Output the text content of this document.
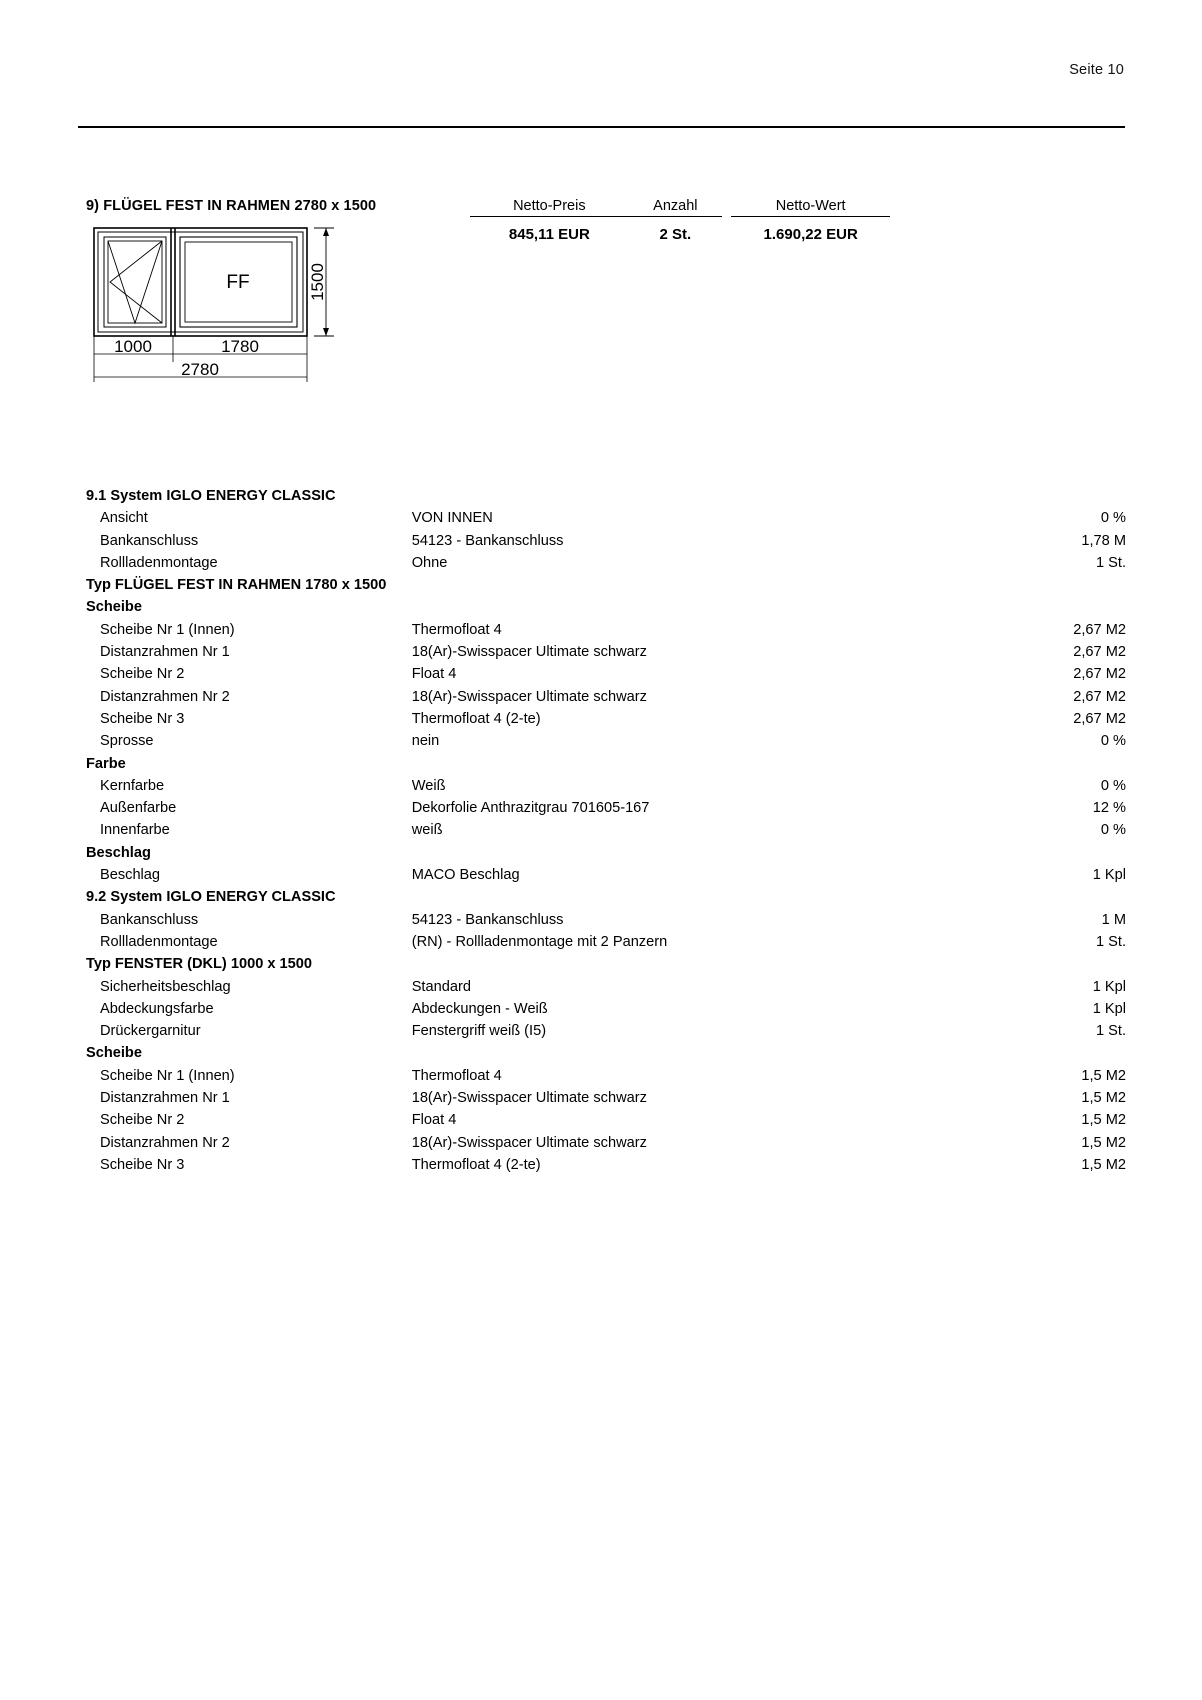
Seite 10
9) FLÜGEL FEST IN RAHMEN 2780 x 1500	Netto-Preis	Anzahl	Netto-Wert
845,11 EUR	2 St.	1.690,22 EUR
FF	1500
1000	1780
2780
9.1 System IGLO ENERGY CLASSIC
Ansicht	VON INNEN	0 %
Bankanschluss	54123 - Bankanschluss	1,78 M
Rollladenmontage	Ohne	1 St.
Typ FLÜGEL FEST IN RAHMEN 1780 x 1500
Scheibe
Scheibe Nr 1 (Innen)	Thermofloat 4	2,67 M2
Distanzrahmen Nr 1	18(Ar)-Swisspacer Ultimate schwarz	2,67 M2
Scheibe Nr 2	Float 4	2,67 M2
Distanzrahmen Nr 2	18(Ar)-Swisspacer Ultimate schwarz	2,67 M2
Scheibe Nr 3	Thermofloat 4 (2-te)	2,67 M2
Sprosse	nein	0 %
Farbe
Kernfarbe	Weiß	0 %
Außenfarbe	Dekorfolie Anthrazitgrau 701605-167	12 %
Innenfarbe	weiß	0 %
Beschlag
Beschlag	MACO Beschlag	1 Kpl
9.2 System IGLO ENERGY CLASSIC
Bankanschluss	54123 - Bankanschluss	1 M
Rollladenmontage	(RN) - Rollladenmontage mit 2 Panzern	1 St.
Typ FENSTER (DKL) 1000 x 1500
Sicherheitsbeschlag	Standard	1 Kpl
Abdeckungsfarbe	Abdeckungen - Weiß	1 Kpl
Drückergarnitur	Fenstergriff weiß (I5)	1 St.
Scheibe
Scheibe Nr 1 (Innen)	Thermofloat 4	1,5 M2
Distanzrahmen Nr 1	18(Ar)-Swisspacer Ultimate schwarz	1,5 M2
Scheibe Nr 2	Float 4	1,5 M2
Distanzrahmen Nr 2	18(Ar)-Swisspacer Ultimate schwarz	1,5 M2
Scheibe Nr 3	Thermofloat 4 (2-te)	1,5 M2
